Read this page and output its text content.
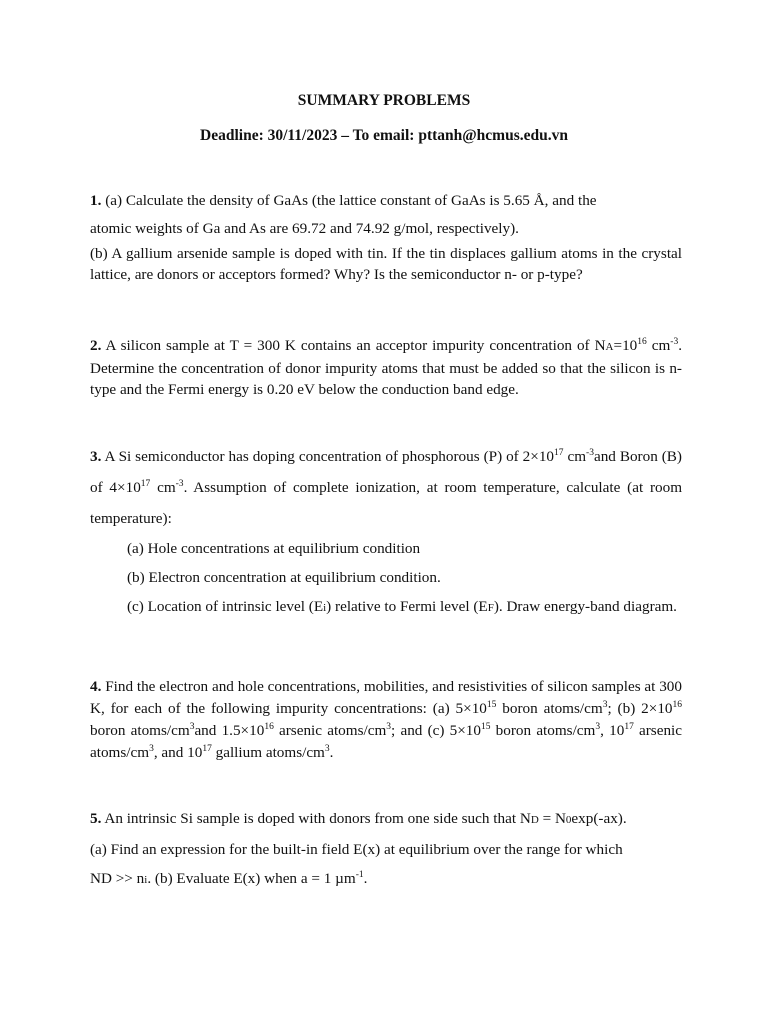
SUMMARY PROBLEMS
Deadline: 30/11/2023 – To email: pttanh@hcmus.edu.vn

1. (a) Calculate the density of GaAs (the lattice constant of GaAs is 5.65 Å, and the

atomic weights of Ga and As are 69.72 and 74.92 g/mol, respectively).

(b) A gallium arsenide sample is doped with tin. If the tin displaces gallium atoms in the crystal lattice, are donors or acceptors formed? Why? Is the semiconductor n- or p-type?

2. A silicon sample at T = 300 K contains an acceptor impurity concentration of $NA=10^{16}$ $cm^{-3}$. Determine the concentration of donor impurity atoms that must be added so that the silicon is n-type and the Fermi energy is 0.20 eV below the conduction band edge.

3. A Si semiconductor has doping concentration of phosphorous (P) of $2\times 10^{17}$ $cm^{-3}and$ Boron (B) of $4\times 10^{17}$ $cm^{-3}$. Assumption of complete ionization, at room temperature, calculate (at room temperature):

(a) Hole concentrations at equilibrium condition

(b) Electron concentration at equilibrium condition.

(c) Location of intrinsic level (Ei) relative to Fermi level (EF). Draw energy-band diagram.

4. Find the electron and hole concentrations, mobilities, and resistivities of silicon samples at 300 K, for each of the following impurity concentrations: (a) $5\times 10^{15}$ boron atoms/$cm^3$; (b) $2\times 10^{16}$ boron atoms/$cm^3and$ $1.5\times 10^{16}$ arsenic atoms/$cm^3$; and (c) $5\times 10^{15}$ boron atoms/$cm^3$, $10^{17}$ arsenic atoms/$cm^3$, and $10^{17}$ gallium atoms/$cm^3$.

5. An intrinsic Si sample is doped with donors from one side such that ND = N0exp(-ax).

(a) Find an expression for the built-in field E(x) at equilibrium over the range for which

ND >> ni. (b) Evaluate E(x) when a = 1 µm$^{-1}$.
